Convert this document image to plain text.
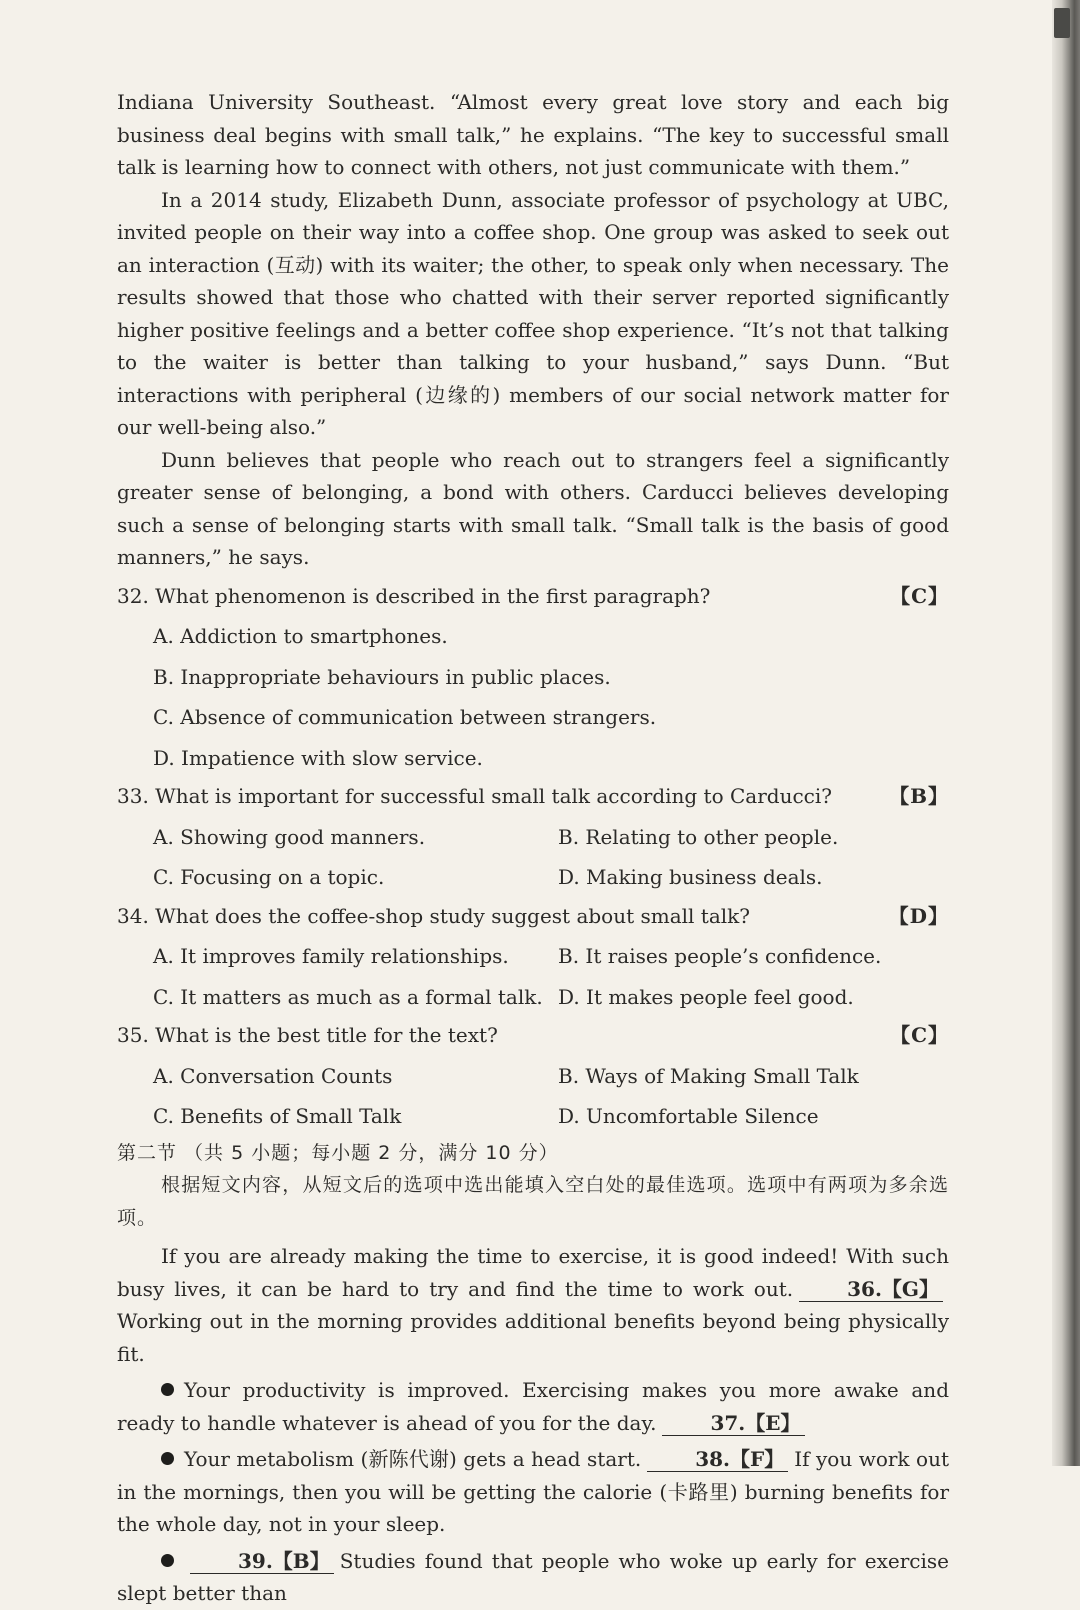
Indiana University Southeast. “Almost every great love story and each big business deal begins with small talk,” he explains. “The key to successful small talk is learning how to connect with others, not just communicate with them.”

In a 2014 study, Elizabeth Dunn, associate professor of psychology at UBC, invited people on their way into a coffee shop. One group was asked to seek out an interaction (互动) with its waiter; the other, to speak only when necessary. The results showed that those who chatted with their server reported significantly higher positive feelings and a better coffee shop experience. “It’s not that talking to the waiter is better than talking to your husband,” says Dunn. “But interactions with peripheral (边缘的) members of our social network matter for our well-being also.”

Dunn believes that people who reach out to strangers feel a significantly greater sense of belonging, a bond with others. Carducci believes developing such a sense of belonging starts with small talk. “Small talk is the basis of good manners,” he says.

32. What phenomenon is described in the first paragraph?	【C】
A. Addiction to smartphones.
B. Inappropriate behaviours in public places.
C. Absence of communication between strangers.
D. Impatience with slow service.
33. What is important for successful small talk according to Carducci?	【B】
A. Showing good manners.	B. Relating to other people.
C. Focusing on a topic.	D. Making business deals.
34. What does the coffee-shop study suggest about small talk?	【D】
A. It improves family relationships.	B. It raises people’s confidence.
C. It matters as much as a formal talk. D. It makes people feel good.
35. What is the best title for the text?	【C】
A. Conversation Counts	B. Ways of Making Small Talk
C. Benefits of Small Talk	D. Uncomfortable Silence
第二节 （共 5 小题；每小题 2 分，满分 10 分）

根据短文内容，从短文后的选项中选出能填入空白处的最佳选项。选项中有两项为多余选项。

If you are already making the time to exercise, it is good indeed! With such busy lives, it can be hard to try and find the time to work out.	36.【G】Working out in the morning provides additional benefits beyond being physically fit.

Your productivity is improved. Exercising makes you more awake and ready to handle whatever is ahead of you for the day.	37.【E】

Your metabolism (新陈代谢) gets a head start.	38.【F】 If you work out in the mornings, then you will be getting the calorie (卡路里) burning benefits for the whole day, not in your sleep.

39.【B】 Studies found that people who woke up early for exercise slept better than
